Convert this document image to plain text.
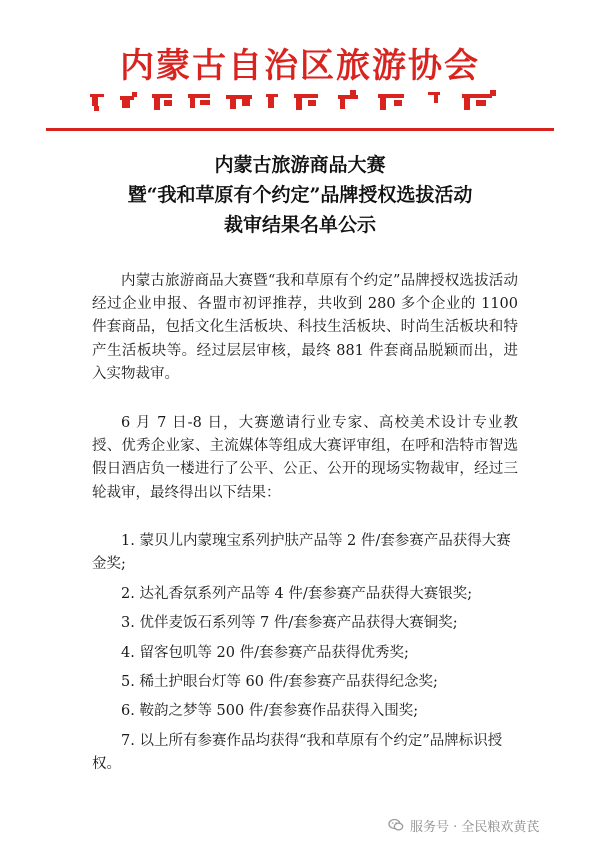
内蒙古自治区旅游协会
内蒙古旅游商品大赛
暨“我和草原有个约定”品牌授权选拔活动
裁审结果名单公示

内蒙古旅游商品大赛暨“我和草原有个约定”品牌授权选拔活动经过企业申报、各盟市初评推荐，共收到 280 多个企业的 1100 件套商品，包括文化生活板块、科技生活板块、时尚生活板块和特产生活板块等。经过层层审核，最终 881 件套商品脱颖而出，进入实物裁审。

6 月 7 日-8 日，大赛邀请行业专家、高校美术设计专业教授、优秀企业家、主流媒体等组成大赛评审组，在呼和浩特市智选假日酒店负一楼进行了公平、公正、公开的现场实物裁审，经过三轮裁审，最终得出以下结果：

1. 蒙贝儿内蒙瑰宝系列护肤产品等 2 件/套参赛产品获得大赛金奖;

2. 达礼香氛系列产品等 4 件/套参赛产品获得大赛银奖;

3. 优伴麦饭石系列等 7 件/套参赛产品获得大赛铜奖;

4. 留客包叽等 20 件/套参赛产品获得优秀奖;

5. 稀土护眼台灯等 60 件/套参赛产品获得纪念奖;

6. 鞍韵之梦等 500 件/套参赛作品获得入围奖;

7. 以上所有参赛作品均获得“我和草原有个约定”品牌标识授权。

服务号 · 全民粮欢黄芪
